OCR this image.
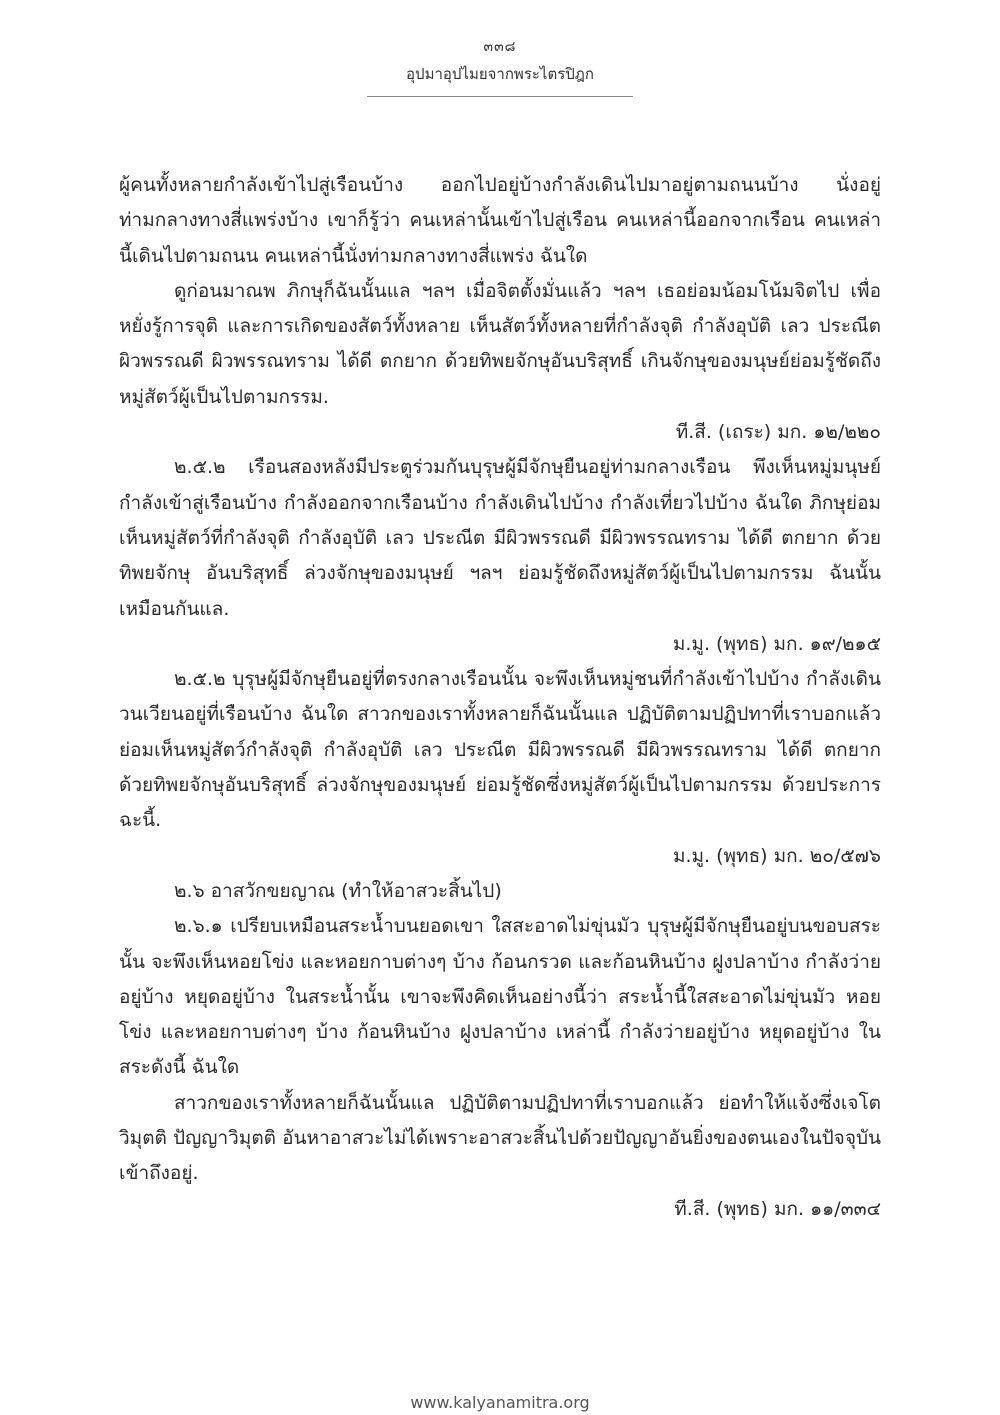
๓๓๘
อุปมาอุปไมยจากพระไตรปิฎก

ผู้คนทั้งหลายกำลังเข้าไปสู่เรือนบ้าง ออกไปอยู่บ้างกำลังเดินไปมาอยู่ตามถนนบ้าง นั่งอยู่ท่ามกลางทางสี่แพร่งบ้าง เขาก็รู้ว่า คนเหล่านั้นเข้าไปสู่เรือน คนเหล่านี้ออกจากเรือน คนเหล่านี้เดินไปตามถนน คนเหล่านี้นั่งท่ามกลางทางสี่แพร่ง ฉันใด

ดูก่อนมาณพ ภิกษุก็ฉันนั้นแล ฯลฯ เมื่อจิตตั้งมั่นแล้ว ฯลฯ เธอย่อมน้อมโน้มจิตไป เพื่อหยั่งรู้การจุติ และการเกิดของสัตว์ทั้งหลาย เห็นสัตว์ทั้งหลายที่กำลังจุติ กำลังอุบัติ เลว ประณีต ผิวพรรณดี ผิวพรรณทราม ได้ดี ตกยาก ด้วยทิพยจักษุอันบริสุทธิ์ เกินจักษุของมนุษย์ย่อมรู้ชัดถึงหมู่สัตว์ผู้เป็นไปตามกรรม.

ที.สี. (เถระ) มก. ๑๒/๒๒๐

๒.๕.๒ เรือนสองหลังมีประตูร่วมกันบุรุษผู้มีจักษุยืนอยู่ท่ามกลางเรือน พึงเห็นหมู่มนุษย์กำลังเข้าสู่เรือนบ้าง กำลังออกจากเรือนบ้าง กำลังเดินไปบ้าง กำลังเที่ยวไปบ้าง ฉันใด ภิกษุย่อมเห็นหมู่สัตว์ที่กำลังจุติ กำลังอุบัติ เลว ประณีต มีผิวพรรณดี มีผิวพรรณทราม ได้ดี ตกยาก ด้วยทิพยจักษุ อันบริสุทธิ์ ล่วงจักษุของมนุษย์ ฯลฯ ย่อมรู้ชัดถึงหมู่สัตว์ผู้เป็นไปตามกรรม ฉันนั้นเหมือนกันแล.

ม.มู. (พุทธ) มก. ๑๙/๒๑๕

๒.๕.๒ บุรุษผู้มีจักษุยืนอยู่ที่ตรงกลางเรือนนั้น จะพึงเห็นหมู่ชนที่กำลังเข้าไปบ้าง กำลังเดินวนเวียนอยู่ที่เรือนบ้าง ฉันใด สาวกของเราทั้งหลายก็ฉันนั้นแล ปฏิบัติตามปฏิปทาที่เราบอกแล้ว ย่อมเห็นหมู่สัตว์กำลังจุติ กำลังอุบัติ เลว ประณีต มีผิวพรรณดี มีผิวพรรณทราม ได้ดี ตกยาก ด้วยทิพยจักษุอันบริสุทธิ์ ล่วงจักษุของมนุษย์ ย่อมรู้ชัดซึ่งหมู่สัตว์ผู้เป็นไปตามกรรม ด้วยประการฉะนี้.

ม.มู. (พุทธ) มก. ๒๐/๕๗๖

๒.๖ อาสวักขยญาณ (ทำให้อาสวะสิ้นไป)

๒.๖.๑ เปรียบเหมือนสระน้ำบนยอดเขา ใสสะอาดไม่ขุ่นมัว บุรุษผู้มีจักษุยืนอยู่บนขอบสระนั้น จะพึงเห็นหอยโข่ง และหอยกาบต่างๆ บ้าง ก้อนกรวด และก้อนหินบ้าง ฝูงปลาบ้าง กำลังว่ายอยู่บ้าง หยุดอยู่บ้าง ในสระน้ำนั้น เขาจะพึงคิดเห็นอย่างนี้ว่า สระน้ำนี้ใสสะอาดไม่ขุ่นมัว หอยโข่ง และหอยกาบต่างๆ บ้าง ก้อนหินบ้าง ฝูงปลาบ้าง เหล่านี้ กำลังว่ายอยู่บ้าง หยุดอยู่บ้าง ในสระดังนี้ ฉันใด

สาวกของเราทั้งหลายก็ฉันนั้นแล ปฏิบัติตามปฏิปทาที่เราบอกแล้ว ย่อทำให้แจ้งซึ่งเจโตวิมุตติ ปัญญาวิมุตติ อันหาอาสวะไม่ได้เพราะอาสวะสิ้นไปด้วยปัญญาอันยิ่งของตนเองในปัจจุบันเข้าถึงอยู่.

ที.สี. (พุทธ) มก. ๑๑/๓๓๔

www.kalyanamitra.org
